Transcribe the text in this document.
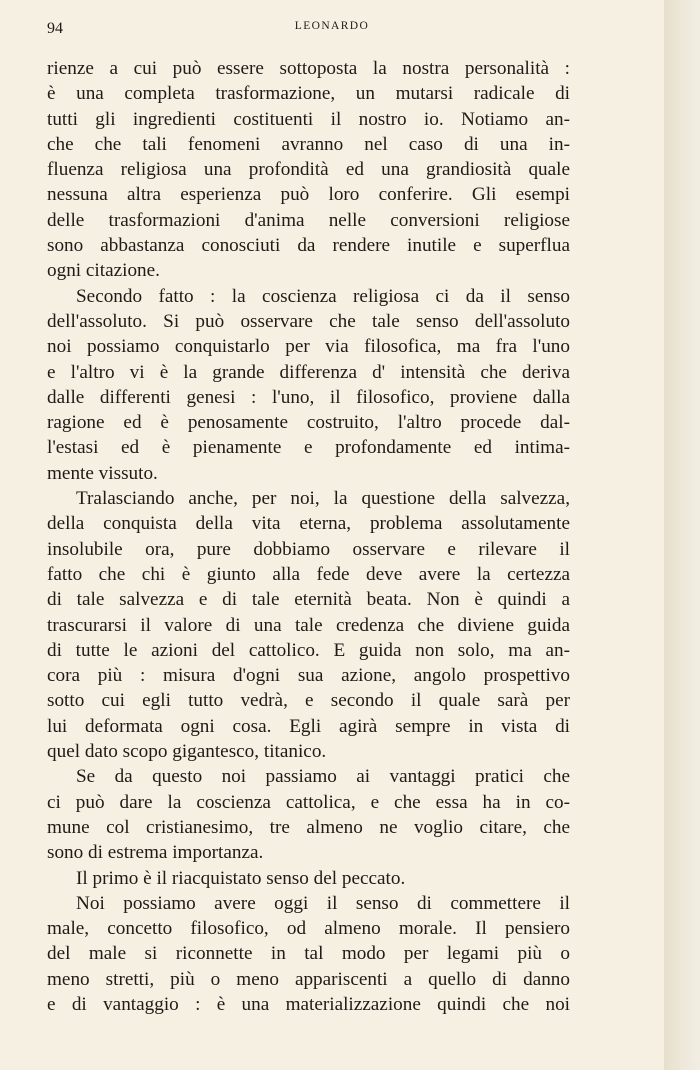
94	LEONARDO
rienze a cui può essere sottoposta la nostra personalità :
è una completa trasformazione, un mutarsi radicale di
tutti gli ingredienti costituenti il nostro io. Notiamo an-
che che tali fenomeni avranno nel caso di una in-
fluenza religiosa una profondità ed una grandiosità quale
nessuna altra esperienza può loro conferire. Gli esempi
delle trasformazioni d'anima nelle conversioni religiose
sono abbastanza conosciuti da rendere inutile e superflua
ogni citazione.
Secondo fatto : la coscienza religiosa ci da il senso
dell'assoluto. Si può osservare che tale senso dell'assoluto
noi possiamo conquistarlo per via filosofica, ma fra l'uno
e l'altro vi è la grande differenza d' intensità che deriva
dalle differenti genesi : l'uno, il filosofico, proviene dalla
ragione ed è penosamente costruito, l'altro procede dal-
l'estasi ed è pienamente e profondamente ed intima-
mente vissuto.
Tralasciando anche, per noi, la questione della salvezza,
della conquista della vita eterna, problema assolutamente
insolubile ora, pure dobbiamo osservare e rilevare il
fatto che chi è giunto alla fede deve avere la certezza
di tale salvezza e di tale eternità beata. Non è quindi a
trascurarsi il valore di una tale credenza che diviene guida
di tutte le azioni del cattolico. E guida non solo, ma an-
cora più : misura d'ogni sua azione, angolo prospettivo
sotto cui egli tutto vedrà, e secondo il quale sarà per
lui deformata ogni cosa. Egli agirà sempre in vista di
quel dato scopo gigantesco, titanico.
Se da questo noi passiamo ai vantaggi pratici che
ci può dare la coscienza cattolica, e che essa ha in co-
mune col cristianesimo, tre almeno ne voglio citare, che
sono di estrema importanza.
Il primo è il riacquistato senso del peccato.
Noi possiamo avere oggi il senso di commettere il
male, concetto filosofico, od almeno morale. Il pensiero
del male si riconnette in tal modo per legami più o
meno stretti, più o meno appariscenti a quello di danno
e di vantaggio : è una materializzazione quindi che noi
